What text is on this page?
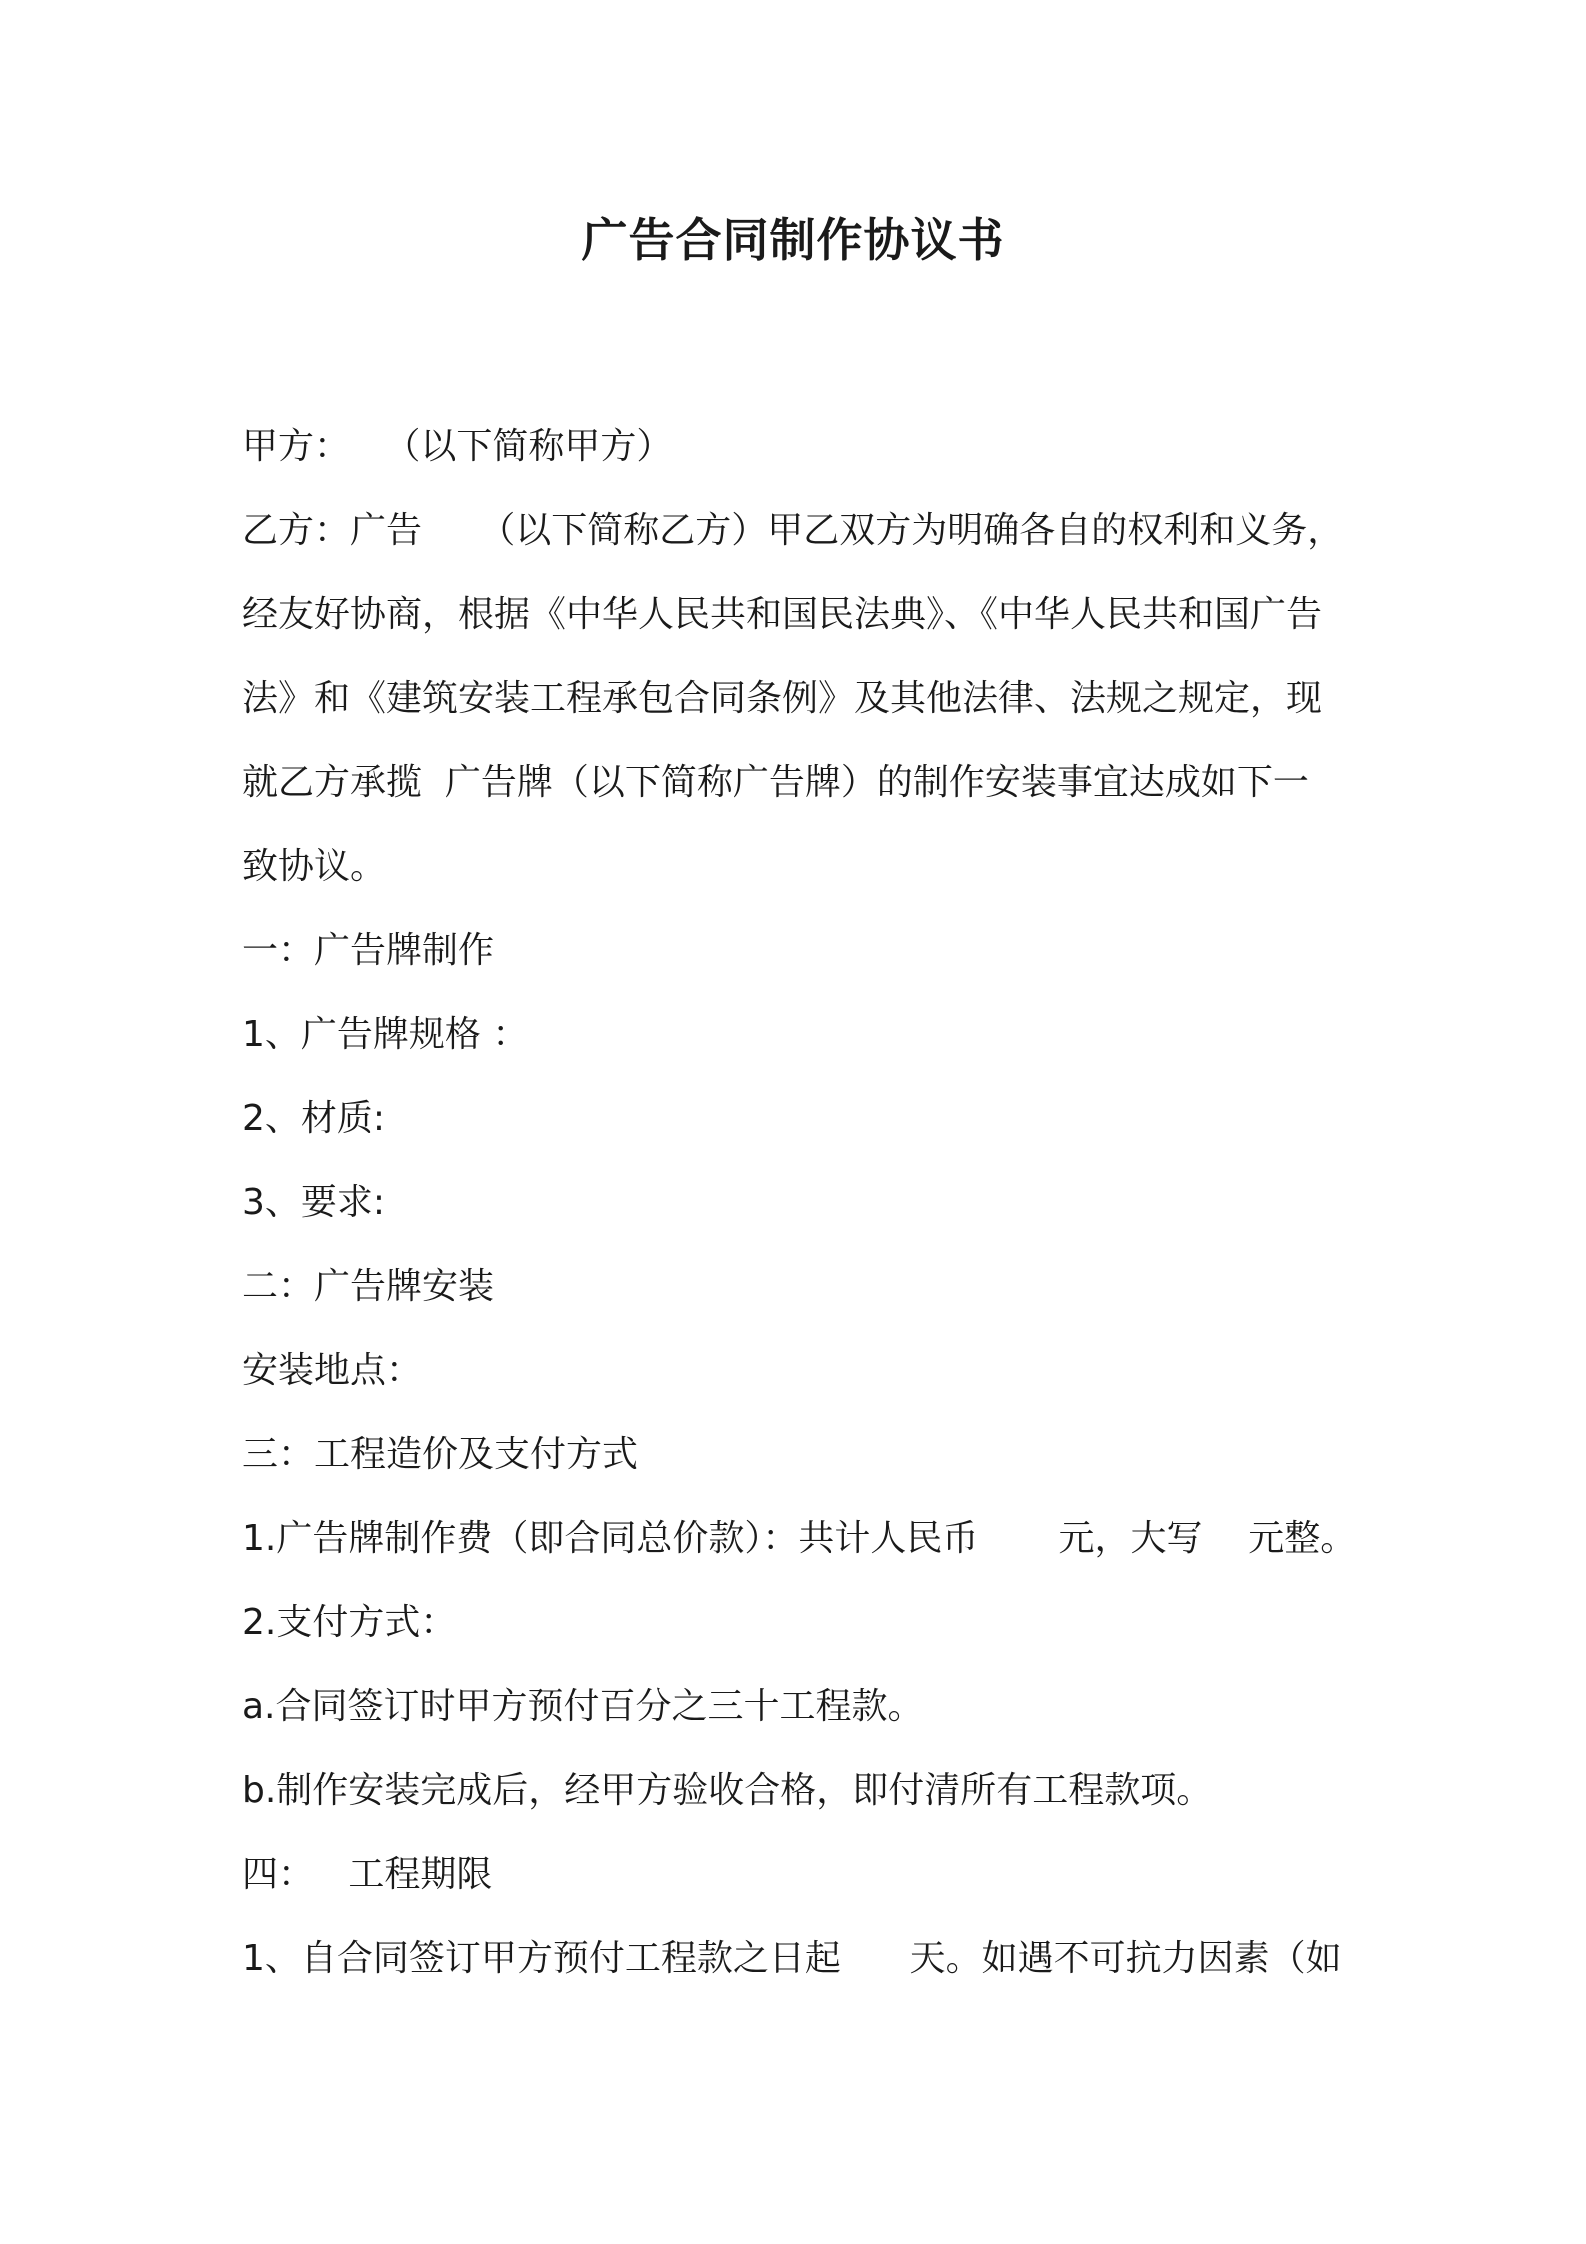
广告合同制作协议书
甲方：   （以下简称甲方）
乙方：广告     （以下简称乙方）甲乙双方为明确各自的权利和义务，
经友好协商，根据《中华人民共和国民法典》、《中华人民共和国广告
法》和《建筑安装工程承包合同条例》及其他法律、法规之规定，现
就乙方承揽  广告牌（以下简称广告牌）的制作安装事宜达成如下一
致协议。
一：广告牌制作
1、广告牌规格 ：
2、材质:
3、要求:
二：广告牌安装
安装地点：
三：工程造价及支付方式
1.广告牌制作费（即合同总价款）：共计人民币       元，大写    元整。
2.支付方式：
a.合同签订时甲方预付百分之三十工程款。
b.制作安装完成后，经甲方验收合格，即付清所有工程款项。
四：   工程期限
1、自合同签订甲方预付工程款之日起      天。如遇不可抗力因素（如
